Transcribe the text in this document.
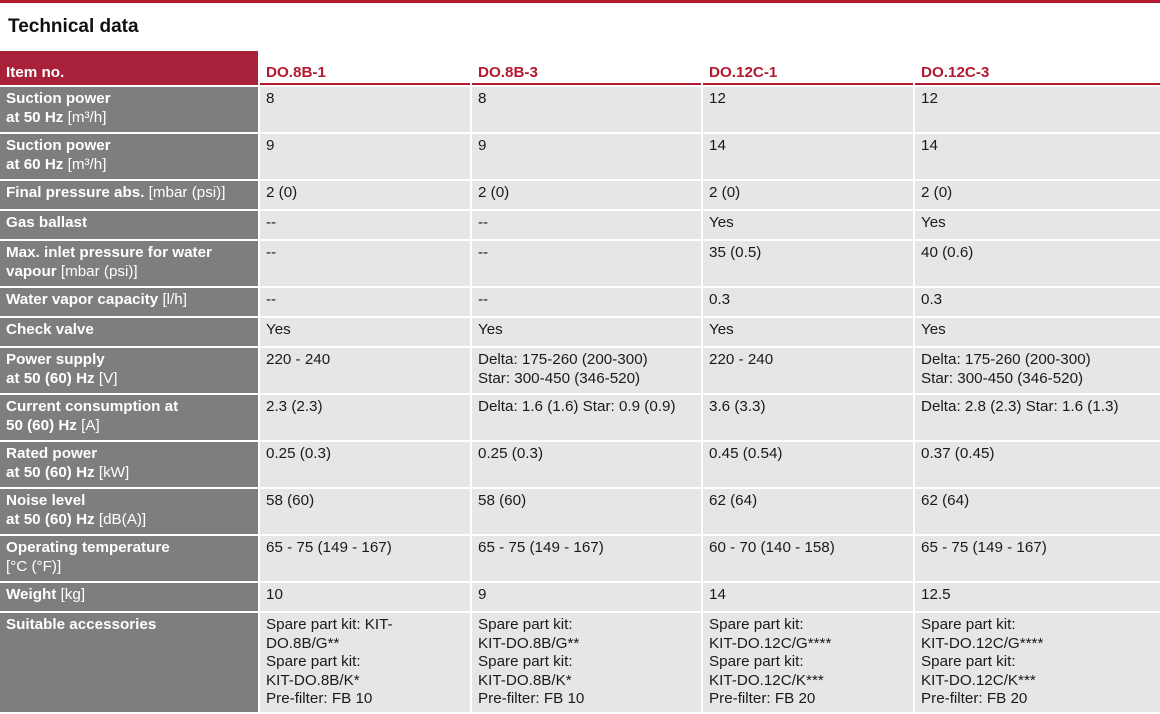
Technical data
Item no.	DO.8B-1	DO.8B-3	DO.12C-1	DO.12C-3

Suction power
at 50 Hz [m³/h]	8	8	12	12

Suction power
at 60 Hz [m³/h]	9	9	14	14

Final pressure abs. [mbar (psi)]	2 (0)	2 (0)	2 (0)	2 (0)

Gas ballast	--	--	Yes	Yes

Max. inlet pressure for water
vapour [mbar (psi)]	--	--	35 (0.5)	40 (0.6)

Water vapor capacity [l/h]	--	--	0.3	0.3

Check valve	Yes	Yes	Yes	Yes

Power supply
at 50 (60) Hz [V]	220 - 240	Delta: 175-260 (200-300)
Star: 300-450 (346-520)	220 - 240	Delta: 175-260 (200-300)
Star: 300-450 (346-520)

Current consumption at
50 (60) Hz [A]	2.3 (2.3)	Delta: 1.6 (1.6) Star: 0.9 (0.9)	3.6 (3.3)	Delta: 2.8 (2.3) Star: 1.6 (1.3)

Rated power
at 50 (60) Hz [kW]	0.25 (0.3)	0.25 (0.3)	0.45 (0.54)	0.37 (0.45)

Noise level
at 50 (60) Hz [dB(A)]	58 (60)	58 (60)	62 (64)	62 (64)

Operating temperature
[°C (°F)]	65 - 75 (149 - 167)	65 - 75 (149 - 167)	60 - 70 (140 - 158)	65 - 75 (149 - 167)

Weight [kg]	10	9	14	12.5

Suitable accessories	Spare part kit: KIT-
DO.8B/G**
Spare part kit:
KIT-DO.8B/K*
Pre-filter: FB 10	Spare part kit:
KIT-DO.8B/G**
Spare part kit:
KIT-DO.8B/K*
Pre-filter: FB 10	Spare part kit:
KIT-DO.12C/G****
Spare part kit:
KIT-DO.12C/K***
Pre-filter: FB 20	Spare part kit:
KIT-DO.12C/G****
Spare part kit:
KIT-DO.12C/K***
Pre-filter: FB 20
